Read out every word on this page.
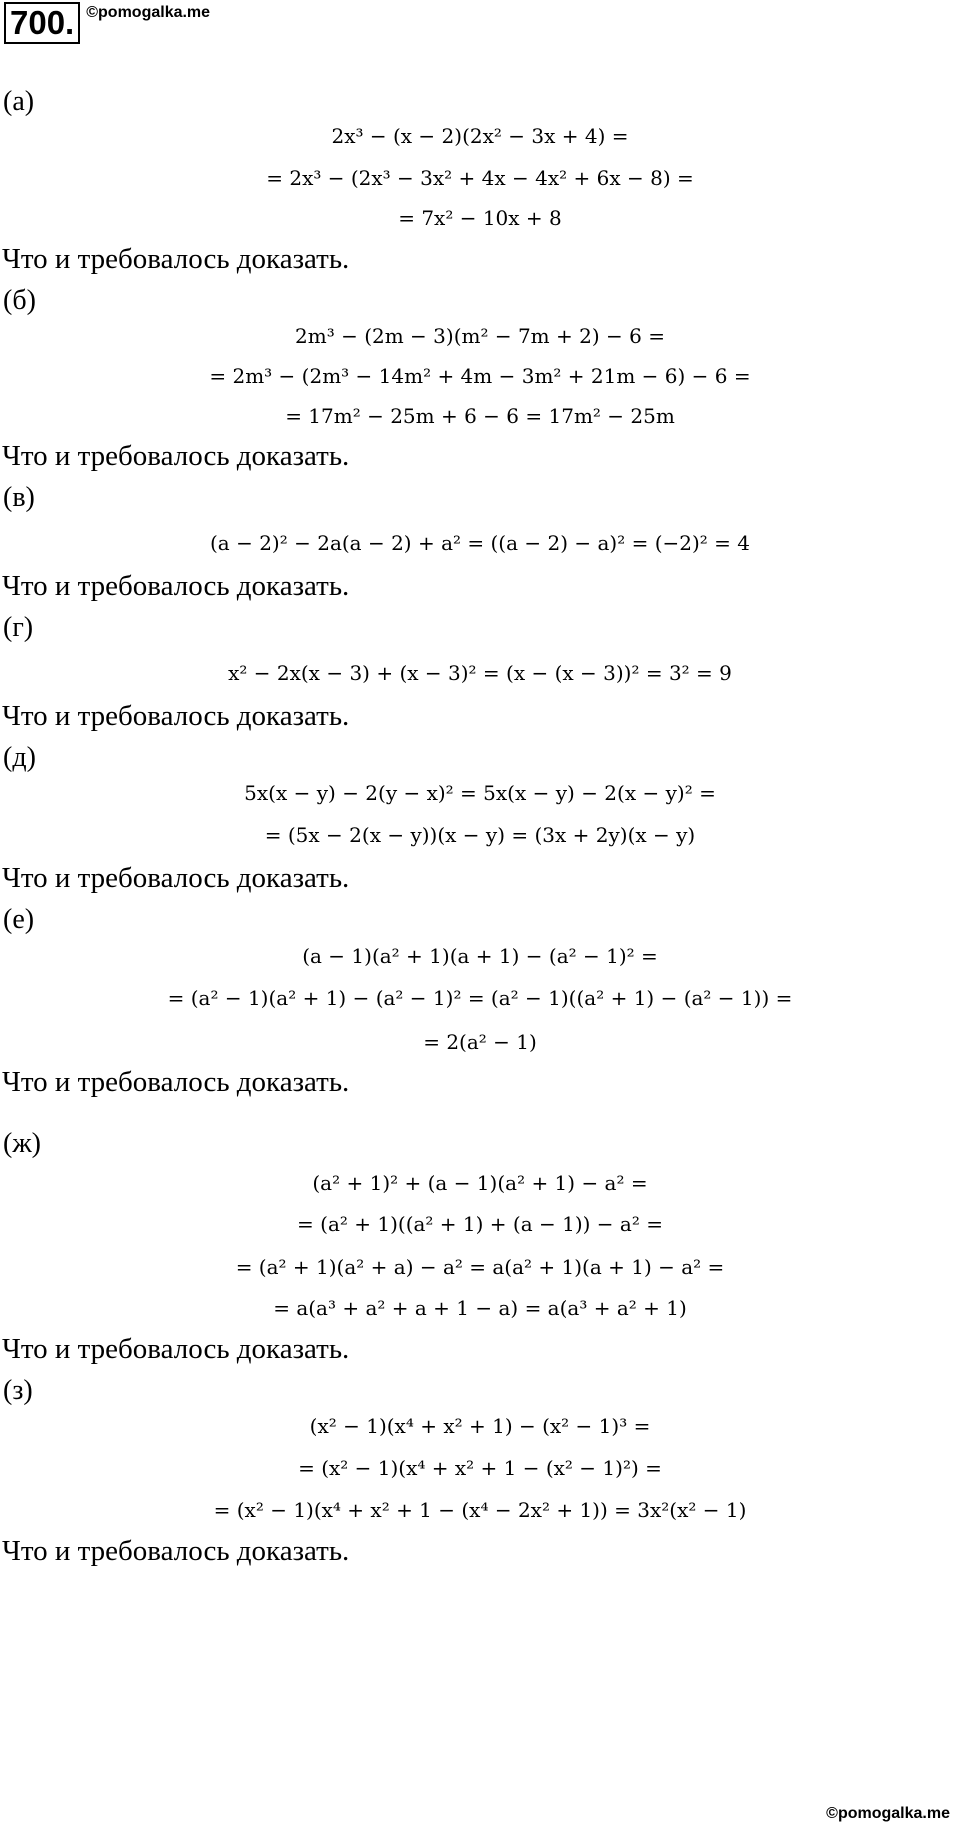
700. ©pomogalka.me
(а)
2x³ − (x − 2)(2x² − 3x + 4) =
= 2x³ − (2x³ − 3x² + 4x − 4x² + 6x − 8) =
= 7x² − 10x + 8
Что и требовалось доказать.
(б)
2m³ − (2m − 3)(m² − 7m + 2) − 6 =
= 2m³ − (2m³ − 14m² + 4m − 3m² + 21m − 6) − 6 =
= 17m² − 25m + 6 − 6 = 17m² − 25m
Что и требовалось доказать.
(в)
(a − 2)² − 2a(a − 2) + a² = ((a − 2) − a)² = (−2)² = 4
Что и требовалось доказать.
(г)
x² − 2x(x − 3) + (x − 3)² = (x − (x − 3))² = 3² = 9
Что и требовалось доказать.
(д)
5x(x − y) − 2(y − x)² = 5x(x − y) − 2(x − y)² =
= (5x − 2(x − y))(x − y) = (3x + 2y)(x − y)
Что и требовалось доказать.
(е)
(a − 1)(a² + 1)(a + 1) − (a² − 1)² =
= (a² − 1)(a² + 1) − (a² − 1)² = (a² − 1)((a² + 1) − (a² − 1)) =
= 2(a² − 1)
Что и требовалось доказать.
(ж)
(a² + 1)² + (a − 1)(a² + 1) − a² =
= (a² + 1)((a² + 1) + (a − 1)) − a² =
= (a² + 1)(a² + a) − a² = a(a² + 1)(a + 1) − a² =
= a(a³ + a² + a + 1 − a) = a(a³ + a² + 1)
Что и требовалось доказать.
(з)
(x² − 1)(x⁴ + x² + 1) − (x² − 1)³ =
= (x² − 1)(x⁴ + x² + 1 − (x² − 1)²) =
= (x² − 1)(x⁴ + x² + 1 − (x⁴ − 2x² + 1)) = 3x²(x² − 1)
Что и требовалось доказать.
©pomogalka.me
